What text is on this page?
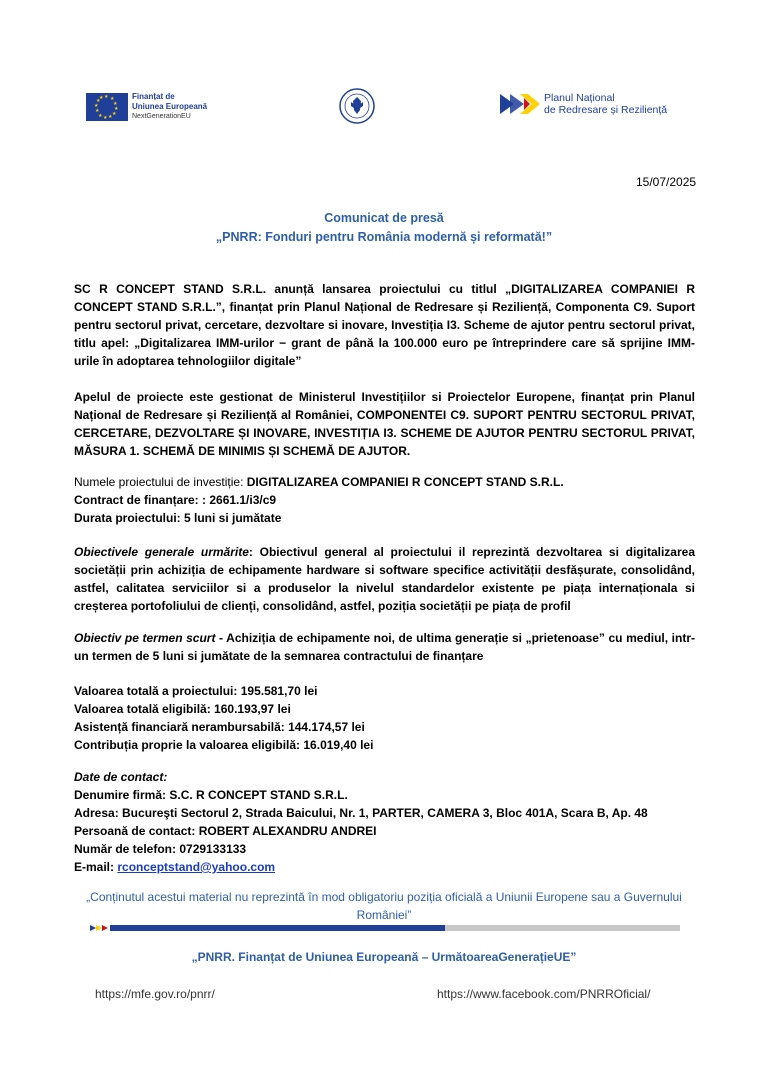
★ ★
★
★
★
★
★
★
★
★
★
★	Finanțat de
Uniunea Europeană
NextGenerationEU
Planul Național
de Redresare și Reziliență
15/07/2025
Comunicat de presă
„PNRR: Fonduri pentru România modernă și reformată!”

SC R CONCEPT STAND S.R.L. anunță lansarea proiectului cu titlul „DIGITALIZAREA COMPANIEI R CONCEPT STAND S.R.L.”, finanțat prin Planul Național de Redresare și Reziliență, Componenta C9. Suport pentru sectorul privat, cercetare, dezvoltare si inovare, Investiția I3. Scheme de ajutor pentru sectorul privat, titlu apel: „Digitalizarea IMM-urilor − grant de până la 100.000 euro pe întreprindere care să sprijine IMM- urile în adoptarea tehnologiilor digitale”

Apelul de proiecte este gestionat de Ministerul Investițiilor si Proiectelor Europene, finanțat prin Planul Național de Redresare și Reziliență al României, COMPONENTEI C9. SUPORT PENTRU SECTORUL PRIVAT, CERCETARE, DEZVOLTARE ȘI INOVARE, INVESTIȚIA I3. SCHEME DE AJUTOR PENTRU SECTORUL PRIVAT, MĂSURA 1. SCHEMĂ DE MINIMIS ȘI SCHEMĂ DE AJUTOR.

Numele proiectului de investiție: DIGITALIZAREA COMPANIEI R CONCEPT STAND S.R.L.
Contract de finanțare: : 2661.1/i3/c9
Durata proiectului: 5 luni si jumătate

Obiectivele generale urmărite: Obiectivul general al proiectului il reprezintă dezvoltarea si digitalizarea societății prin achiziția de echipamente hardware si software specifice activității desfășurate, consolidând, astfel, calitatea serviciilor si a produselor la nivelul standardelor existente pe piața internaționala si creșterea portofoliului de clienți, consolidând, astfel, poziția societății pe piața de profil

Obiectiv pe termen scurt - Achiziția de echipamente noi, de ultima generație si „prietenoase” cu mediul, intr-un termen de 5 luni si jumătate de la semnarea contractului de finanțare

Valoarea totală a proiectului: 195.581,70 lei
Valoarea totală eligibilă: 160.193,97 lei
Asistență financiară nerambursabilă: 144.174,57 lei
Contribuția proprie la valoarea eligibilă: 16.019,40 lei
Date de contact:
Denumire firmă: S.C. R CONCEPT STAND S.R.L.
Adresa: Bucureşti Sectorul 2, Strada Baicului, Nr. 1, PARTER, CAMERA 3, Bloc 401A, Scara B, Ap. 48
Persoană de contact: ROBERT ALEXANDRU ANDREI
Număr de telefon: 0729133133
E-mail: rconceptstand@yahoo.com
„Conținutul acestui material nu reprezintă în mod obligatoriu poziția oficială a Uniunii Europene sau a Guvernului României”
„PNRR. Finanțat de Uniunea Europeană – UrmătoareaGenerațieUE”
https://mfe.gov.ro/pnrr/	https://www.facebook.com/PNRROficial/
